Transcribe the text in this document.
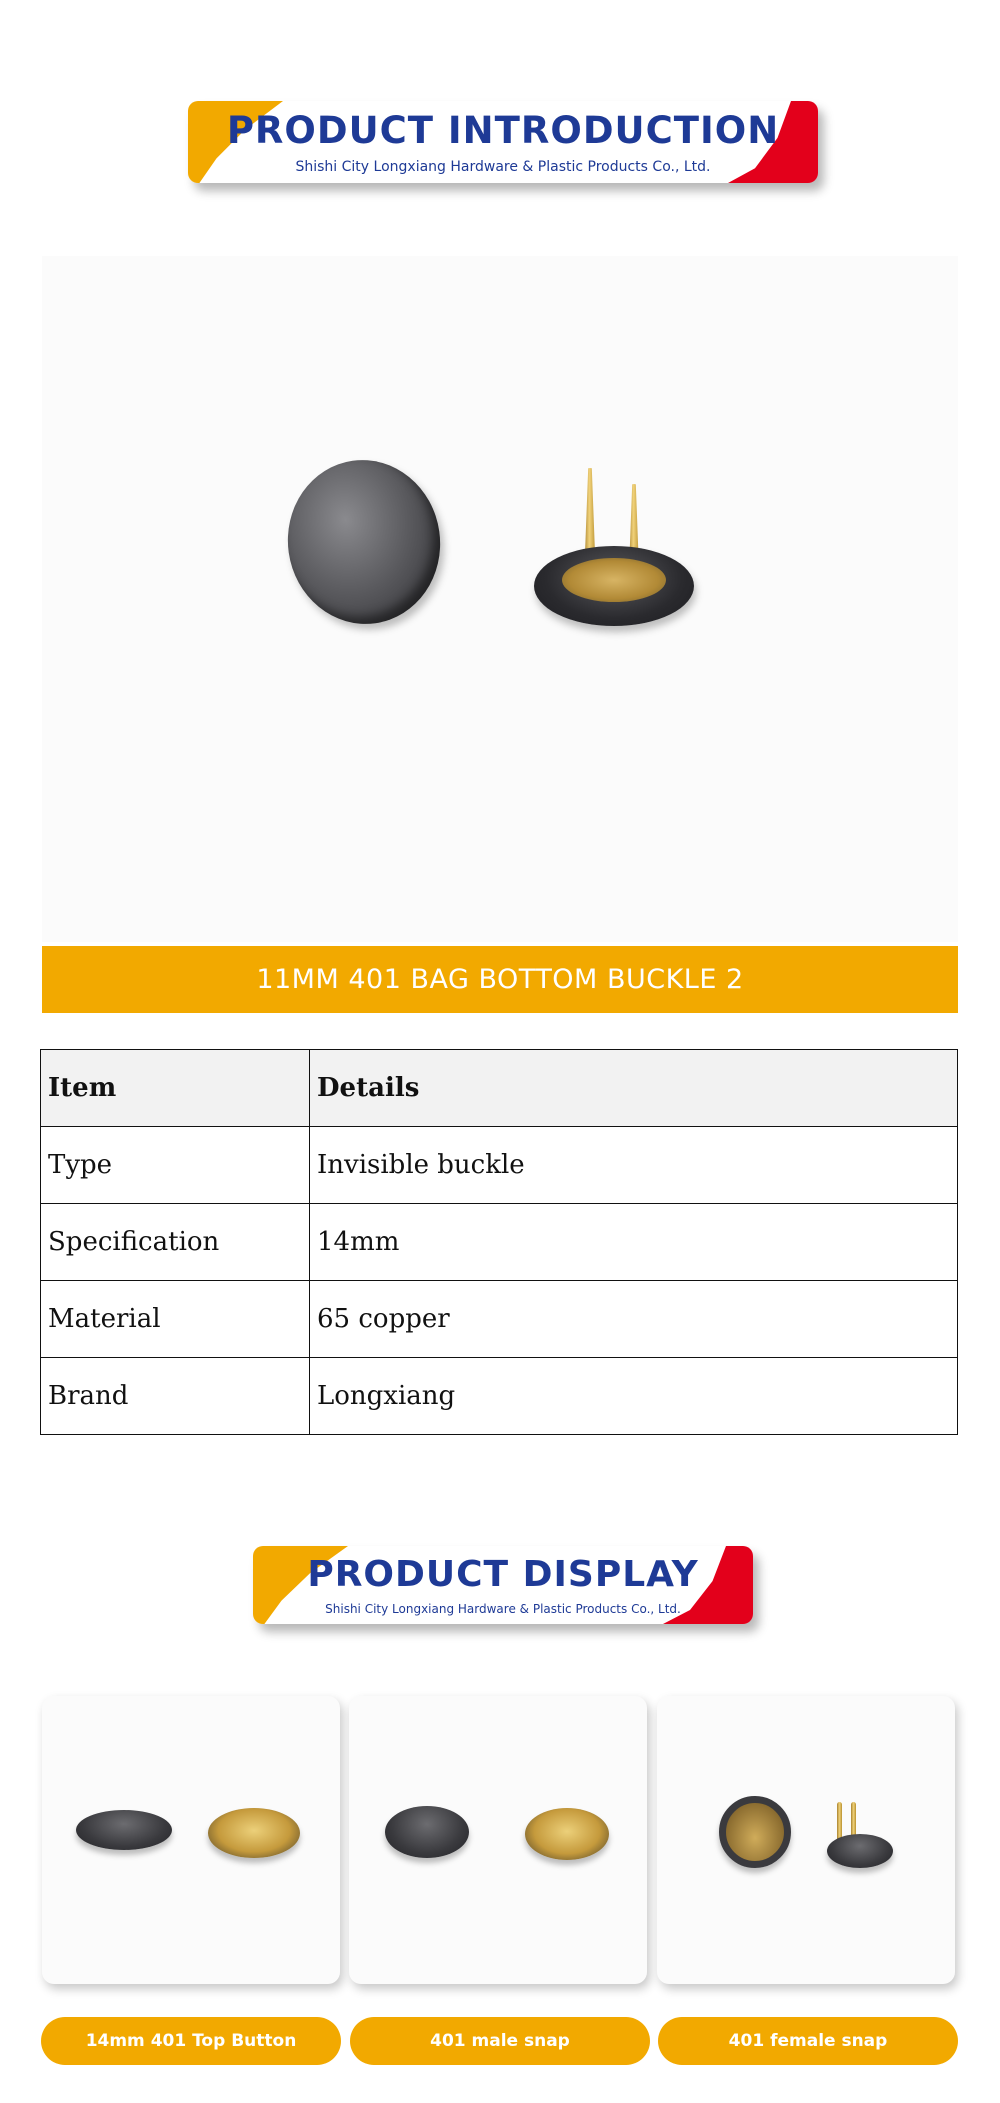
PRODUCT INTRODUCTION
Shishi City Longxiang Hardware & Plastic Products Co., Ltd.
11MM 401 BAG BOTTOM BUCKLE 2
Item	Details
Type	Invisible buckle
Specification	14mm
Material	65 copper
Brand	Longxiang
PRODUCT DISPLAY
Shishi City Longxiang Hardware & Plastic Products Co., Ltd.
14mm 401 Top Button	401 male snap	401 female snap
